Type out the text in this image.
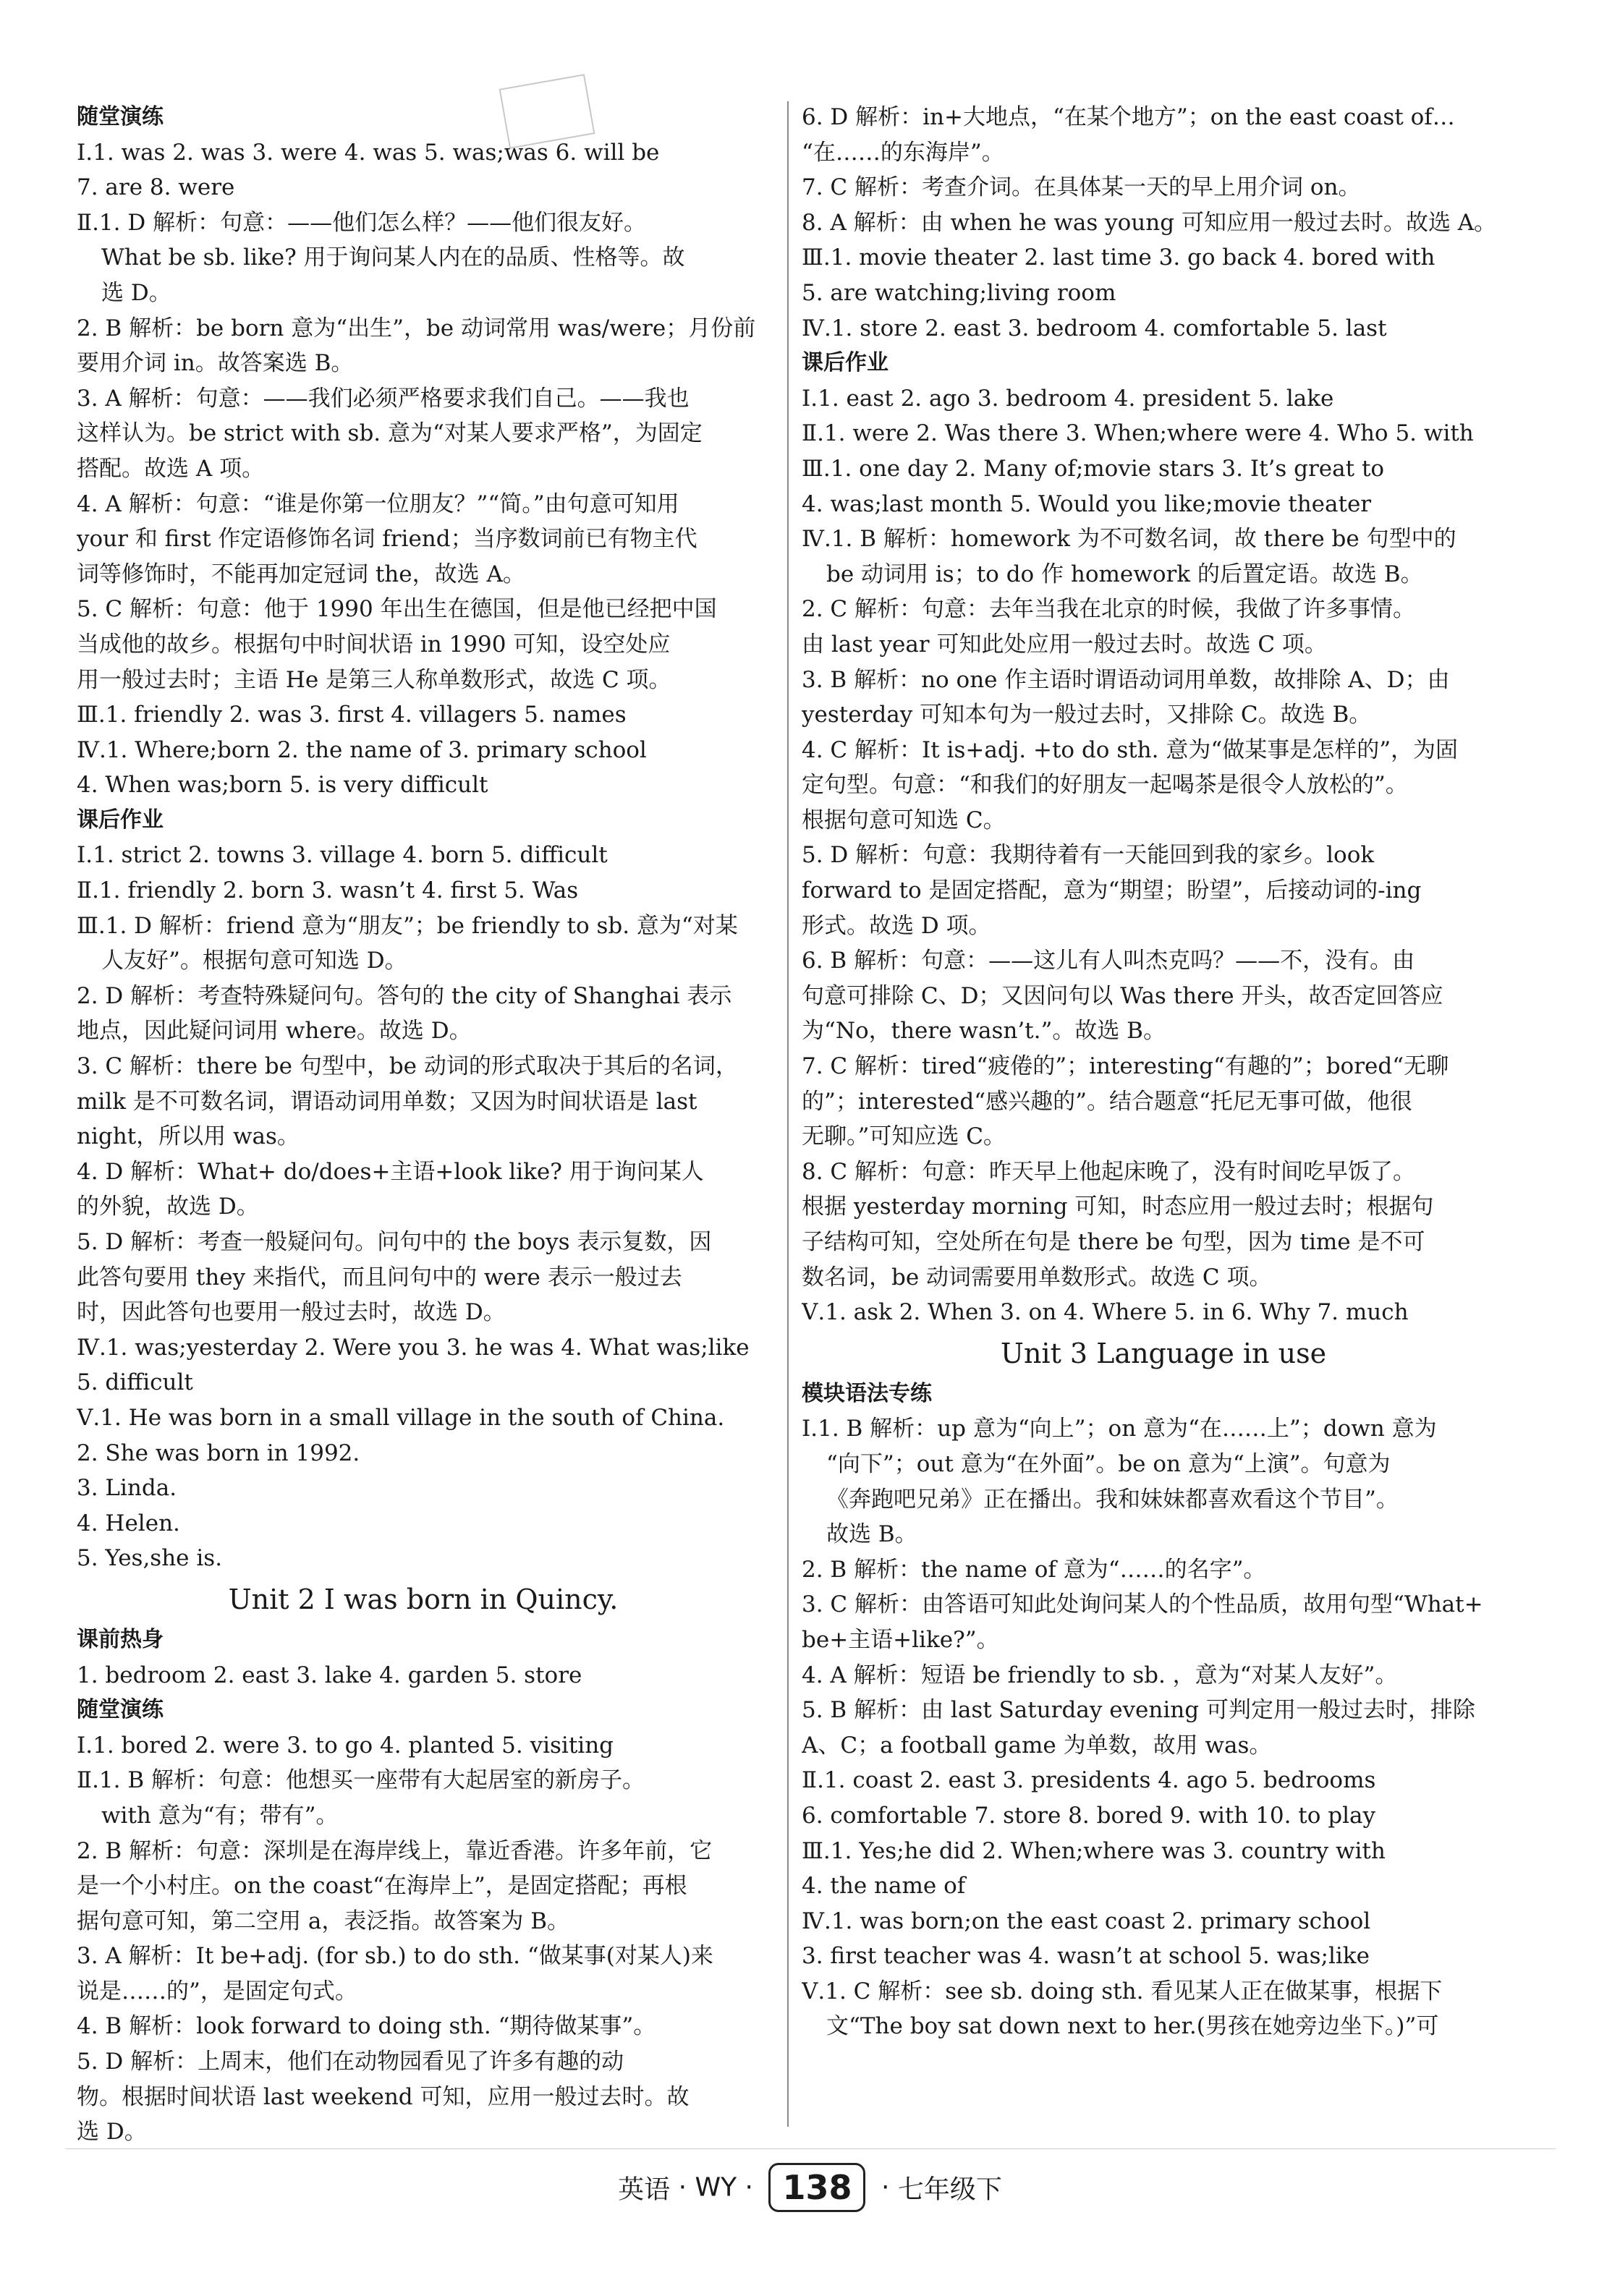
随堂演练
Ⅰ.1. was 2. was 3. were 4. was 5. was;was 6. will be
7. are 8. were
Ⅱ.1. D 解析：句意：——他们怎么样？——他们很友好。
What be sb. like? 用于询问某人内在的品质、性格等。故
选 D。
2. B 解析：be born 意为“出生”，be 动词常用 was/were；月份前
要用介词 in。故答案选 B。
3. A 解析：句意：——我们必须严格要求我们自己。——我也
这样认为。be strict with sb. 意为“对某人要求严格”，为固定
搭配。故选 A 项。
4. A 解析：句意：“谁是你第一位朋友？”“简。”由句意可知用
your 和 first 作定语修饰名词 friend；当序数词前已有物主代
词等修饰时，不能再加定冠词 the，故选 A。
5. C 解析：句意：他于 1990 年出生在德国，但是他已经把中国
当成他的故乡。根据句中时间状语 in 1990 可知，设空处应
用一般过去时；主语 He 是第三人称单数形式，故选 C 项。
Ⅲ.1. friendly 2. was 3. first 4. villagers 5. names
Ⅳ.1. Where;born 2. the name of 3. primary school
4. When was;born 5. is very difficult
课后作业
Ⅰ.1. strict 2. towns 3. village 4. born 5. difficult
Ⅱ.1. friendly 2. born 3. wasn’t 4. first 5. Was
Ⅲ.1. D 解析：friend 意为“朋友”；be friendly to sb. 意为“对某
人友好”。根据句意可知选 D。
2. D 解析：考查特殊疑问句。答句的 the city of Shanghai 表示
地点，因此疑问词用 where。故选 D。
3. C 解析：there be 句型中，be 动词的形式取决于其后的名词，
milk 是不可数名词，谓语动词用单数；又因为时间状语是 last
night，所以用 was。
4. D 解析：What+ do/does+主语+look like? 用于询问某人
的外貌，故选 D。
5. D 解析：考查一般疑问句。问句中的 the boys 表示复数，因
此答句要用 they 来指代，而且问句中的 were 表示一般过去
时，因此答句也要用一般过去时，故选 D。
Ⅳ.1. was;yesterday 2. Were you 3. he was 4. What was;like
5. difficult
Ⅴ.1. He was born in a small village in the south of China.
2. She was born in 1992.
3. Linda.
4. Helen.
5. Yes,she is.
Unit 2 I was born in Quincy.
课前热身
1. bedroom 2. east 3. lake 4. garden 5. store
随堂演练
Ⅰ.1. bored 2. were 3. to go 4. planted 5. visiting
Ⅱ.1. B 解析：句意：他想买一座带有大起居室的新房子。
with 意为“有；带有”。
2. B 解析：句意：深圳是在海岸线上，靠近香港。许多年前，它
是一个小村庄。on the coast“在海岸上”，是固定搭配；再根
据句意可知，第二空用 a，表泛指。故答案为 B。
3. A 解析：It be+adj. (for sb.) to do sth. “做某事(对某人)来
说是……的”，是固定句式。
4. B 解析：look forward to doing sth. “期待做某事”。
5. D 解析：上周末，他们在动物园看见了许多有趣的动
物。根据时间状语 last weekend 可知，应用一般过去时。故
选 D。
6. D 解析：in+大地点，“在某个地方”；on the east coast of…
“在……的东海岸”。
7. C 解析：考查介词。在具体某一天的早上用介词 on。
8. A 解析：由 when he was young 可知应用一般过去时。故选 A。
Ⅲ.1. movie theater 2. last time 3. go back 4. bored with
5. are watching;living room
Ⅳ.1. store 2. east 3. bedroom 4. comfortable 5. last
课后作业
Ⅰ.1. east 2. ago 3. bedroom 4. president 5. lake
Ⅱ.1. were 2. Was there 3. When;where were 4. Who 5. with
Ⅲ.1. one day 2. Many of;movie stars 3. It’s great to
4. was;last month 5. Would you like;movie theater
Ⅳ.1. B 解析：homework 为不可数名词，故 there be 句型中的
be 动词用 is；to do 作 homework 的后置定语。故选 B。
2. C 解析：句意：去年当我在北京的时候，我做了许多事情。
由 last year 可知此处应用一般过去时。故选 C 项。
3. B 解析：no one 作主语时谓语动词用单数，故排除 A、D；由
yesterday 可知本句为一般过去时，又排除 C。故选 B。
4. C 解析：It is+adj. +to do sth. 意为“做某事是怎样的”，为固
定句型。句意：“和我们的好朋友一起喝茶是很令人放松的”。
根据句意可知选 C。
5. D 解析：句意：我期待着有一天能回到我的家乡。look
forward to 是固定搭配，意为“期望；盼望”，后接动词的-ing
形式。故选 D 项。
6. B 解析：句意：——这儿有人叫杰克吗？——不，没有。由
句意可排除 C、D；又因问句以 Was there 开头，故否定回答应
为“No，there wasn’t.”。故选 B。
7. C 解析：tired“疲倦的”；interesting“有趣的”；bored“无聊
的”；interested“感兴趣的”。结合题意“托尼无事可做，他很
无聊。”可知应选 C。
8. C 解析：句意：昨天早上他起床晚了，没有时间吃早饭了。
根据 yesterday morning 可知，时态应用一般过去时；根据句
子结构可知，空处所在句是 there be 句型，因为 time 是不可
数名词，be 动词需要用单数形式。故选 C 项。
Ⅴ.1. ask 2. When 3. on 4. Where 5. in 6. Why 7. much
Unit 3 Language in use
模块语法专练
Ⅰ.1. B 解析：up 意为“向上”；on 意为“在……上”；down 意为
“向下”；out 意为“在外面”。be on 意为“上演”。句意为
《奔跑吧兄弟》正在播出。我和妹妹都喜欢看这个节目”。
故选 B。
2. B 解析：the name of 意为“……的名字”。
3. C 解析：由答语可知此处询问某人的个性品质，故用句型“What+
be+主语+like?”。
4. A 解析：短语 be friendly to sb. ，意为“对某人友好”。
5. B 解析：由 last Saturday evening 可判定用一般过去时，排除
A、C；a football game 为单数，故用 was。
Ⅱ.1. coast 2. east 3. presidents 4. ago 5. bedrooms
6. comfortable 7. store 8. bored 9. with 10. to play
Ⅲ.1. Yes;he did 2. When;where was 3. country with
4. the name of
Ⅳ.1. was born;on the east coast 2. primary school
3. first teacher was 4. wasn’t at school 5. was;like
Ⅴ.1. C 解析：see sb. doing sth. 看见某人正在做某事，根据下
文“The boy sat down next to her.(男孩在她旁边坐下。)”可
英语 · WY · 138 · 七年级下
